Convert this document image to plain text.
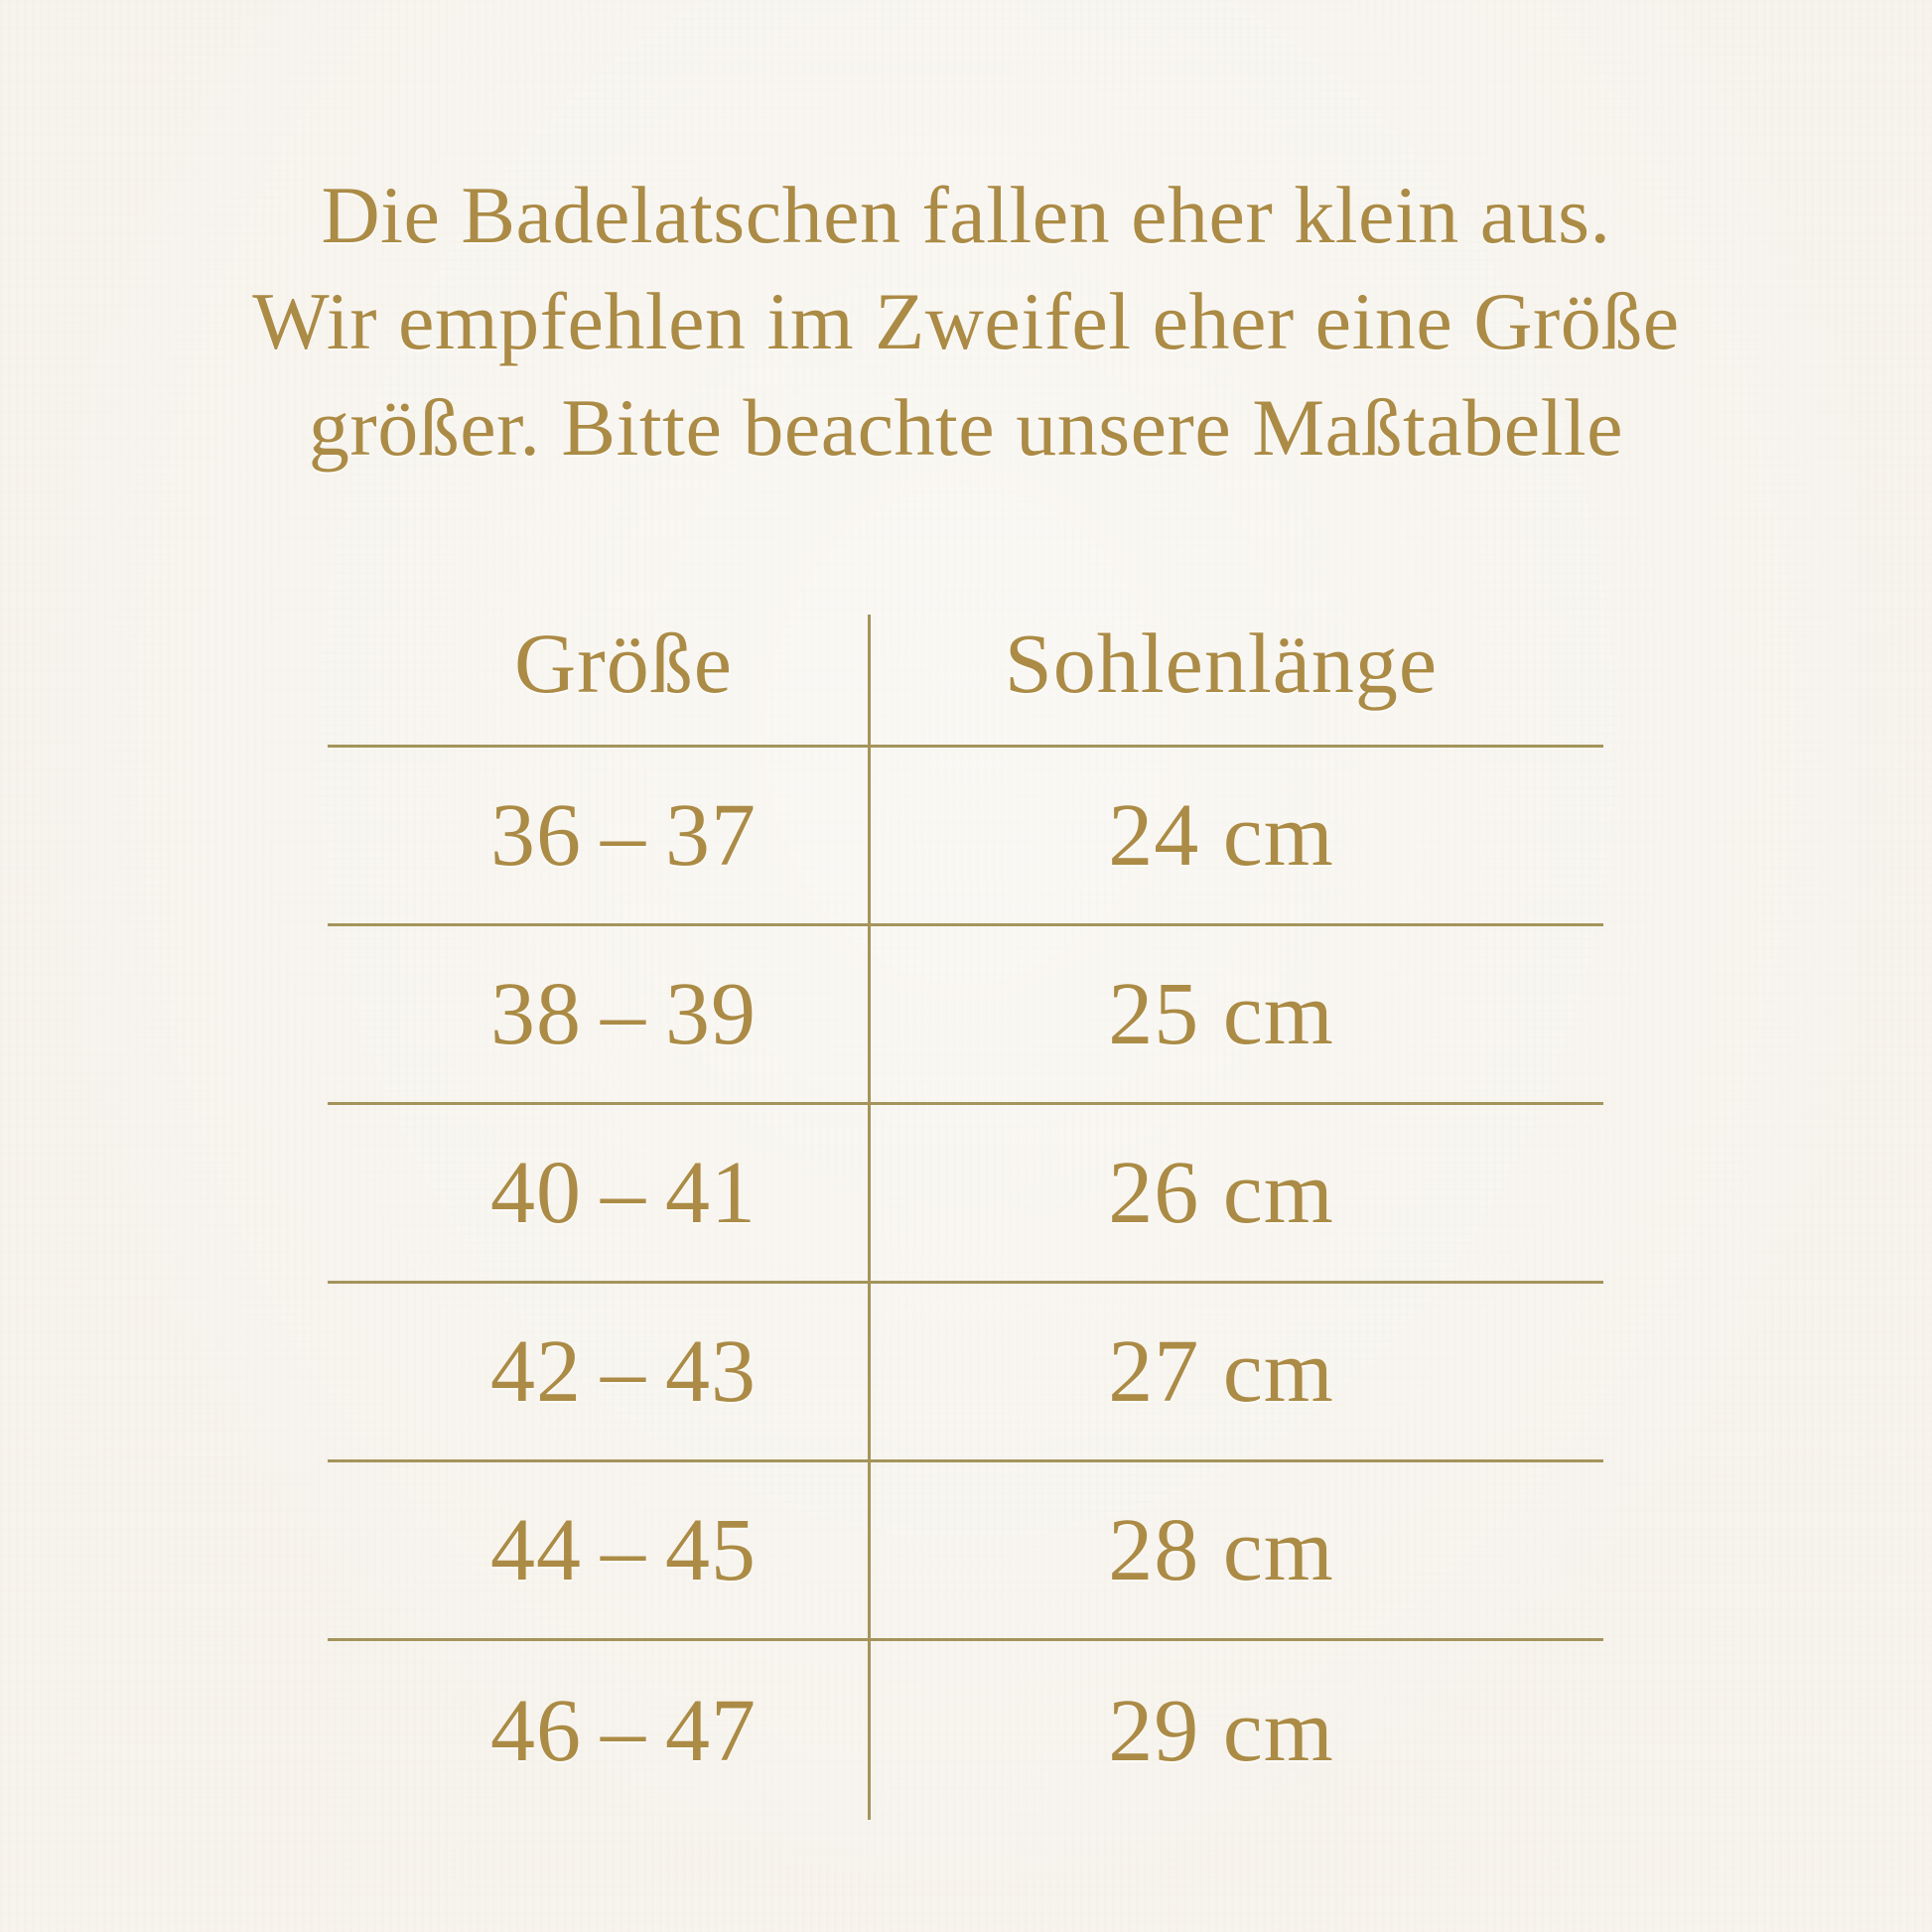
Die Badelatschen fallen eher klein aus.
Wir empfehlen im Zweifel eher eine Größe
größer. Bitte beachte unsere Maßtabelle
Größe	Sohlenlänge
36 – 37	24 cm
38 – 39	25 cm
40 – 41	26 cm
42 – 43	27 cm
44 – 45	28 cm
46 – 47	29 cm
